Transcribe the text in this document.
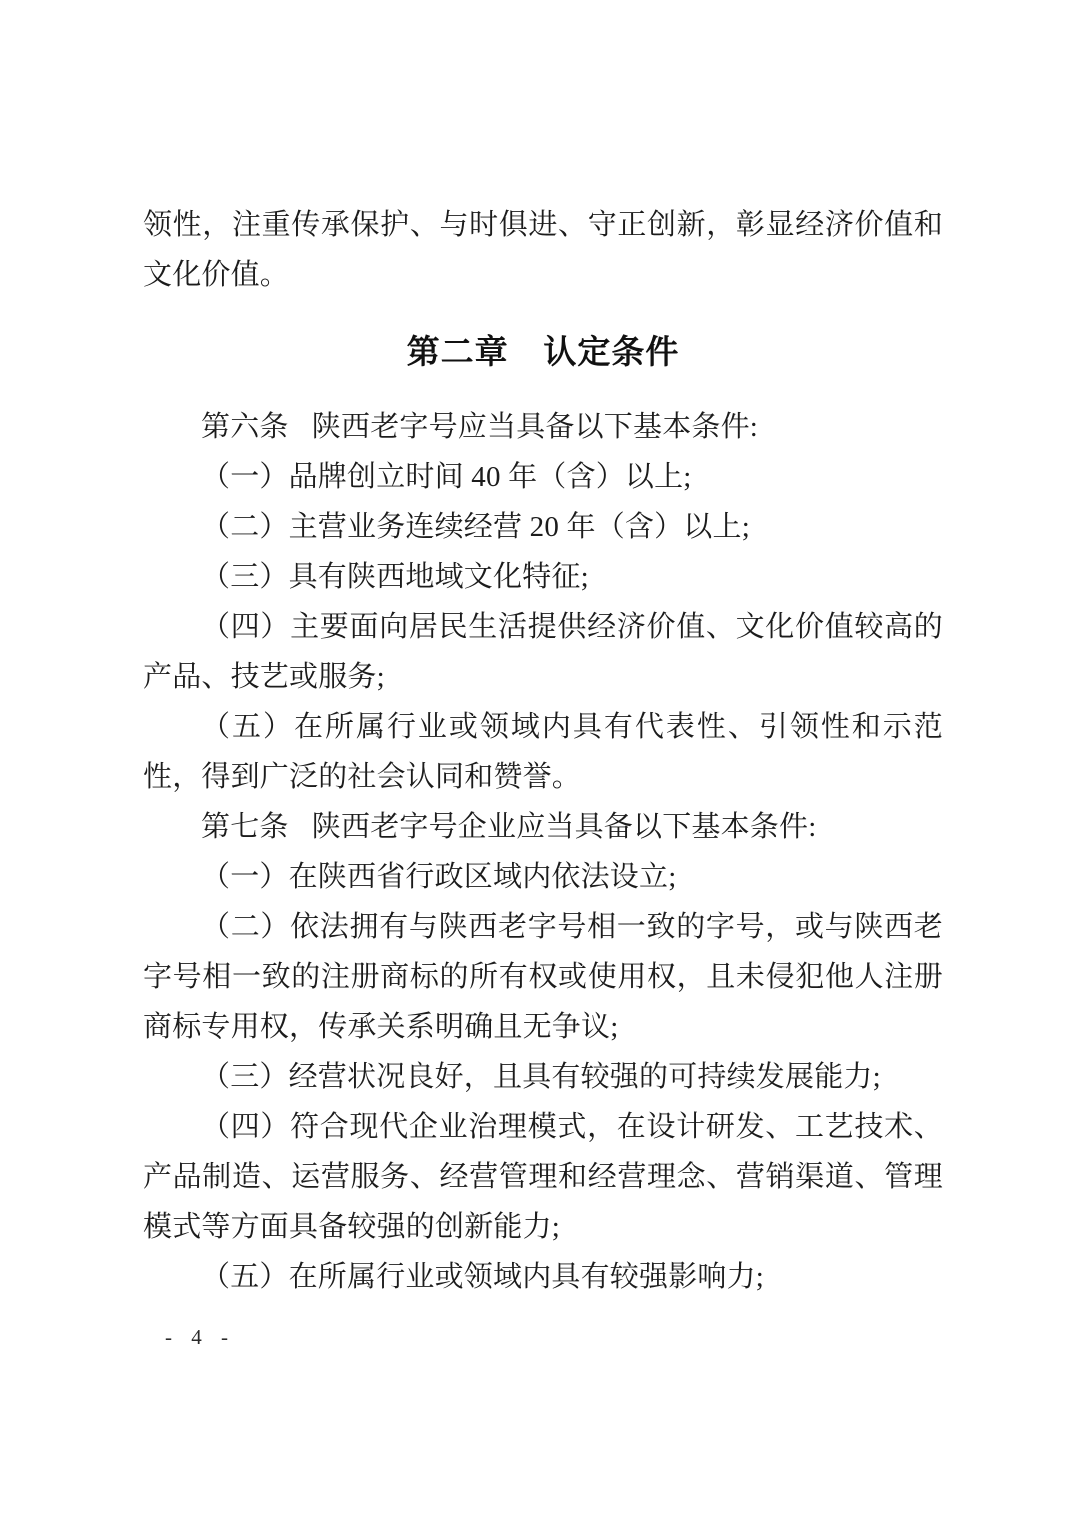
领性，注重传承保护、与时俱进、守正创新，彰显经济价值和文化价值。

第二章 认定条件

第六条 陕西老字号应当具备以下基本条件:

（一）品牌创立时间 40 年（含）以上;

（二）主营业务连续经营 20 年（含）以上;

（三）具有陕西地域文化特征;

（四）主要面向居民生活提供经济价值、文化价值较高的产品、技艺或服务;

（五）在所属行业或领域内具有代表性、引领性和示范性，得到广泛的社会认同和赞誉。

第七条 陕西老字号企业应当具备以下基本条件:

（一）在陕西省行政区域内依法设立;

（二）依法拥有与陕西老字号相一致的字号，或与陕西老字号相一致的注册商标的所有权或使用权，且未侵犯他人注册商标专用权，传承关系明确且无争议;

（三）经营状况良好，且具有较强的可持续发展能力;

（四）符合现代企业治理模式，在设计研发、工艺技术、产品制造、运营服务、经营管理和经营理念、营销渠道、管理模式等方面具备较强的创新能力;

（五）在所属行业或领域内具有较强影响力;

- 4 -
